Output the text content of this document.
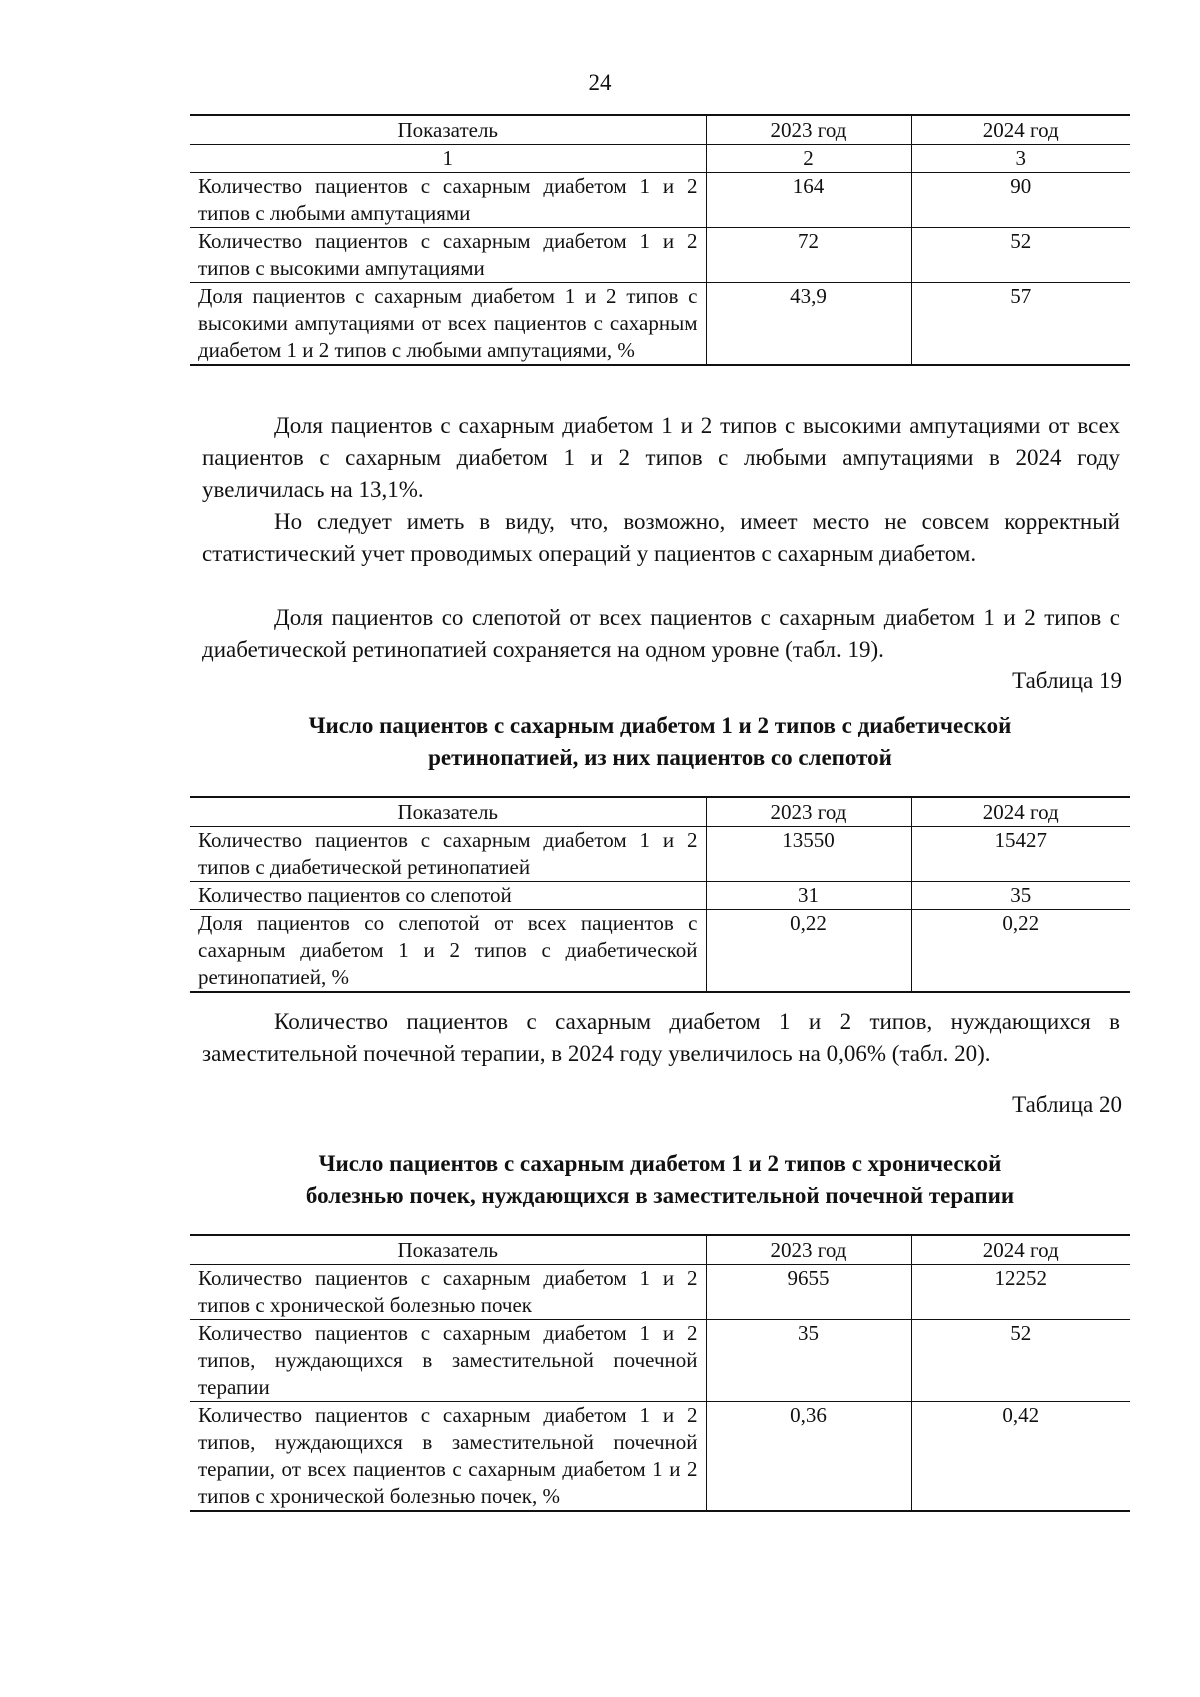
24
Показатель	2023 год	2024 год
1	2	3
Количество пациентов с сахарным диабетом 1 и 2 типов с любыми ампутациями	164	90
Количество пациентов с сахарным диабетом 1 и 2 типов с высокими ампутациями	72	52
Доля пациентов с сахарным диабетом 1 и 2 типов с высокими ампутациями от всех пациентов с сахарным диабетом 1 и 2 типов с любыми ампутациями, %	43,9	57

Доля пациентов с сахарным диабетом 1 и 2 типов с высокими ампутациями от всех пациентов с сахарным диабетом 1 и 2 типов с любыми ампутациями в 2024 году увеличилась на 13,1%.

Но следует иметь в виду, что, возможно, имеет место не совсем корректный статистический учет проводимых операций у пациентов с сахарным диабетом.

Доля пациентов со слепотой от всех пациентов с сахарным диабетом 1 и 2 типов с диабетической ретинопатией сохраняется на одном уровне (табл. 19).

Таблица 19
Число пациентов с сахарным диабетом 1 и 2 типов с диабетической
ретинопатией, из них пациентов со слепотой
Показатель	2023 год	2024 год
Количество пациентов с сахарным диабетом 1 и 2 типов с диабетической ретинопатией	13550	15427
Количество пациентов со слепотой	31	35
Доля пациентов со слепотой от всех пациентов с сахарным диабетом 1 и 2 типов с диабетической ретинопатией, %	0,22	0,22

Количество пациентов с сахарным диабетом 1 и 2 типов, нуждающихся в заместительной почечной терапии, в 2024 году увеличилось на 0,06% (табл. 20).

Таблица 20
Число пациентов с сахарным диабетом 1 и 2 типов с хронической
болезнью почек, нуждающихся в заместительной почечной терапии
Показатель	2023 год	2024 год
Количество пациентов с сахарным диабетом 1 и 2 типов с хронической болезнью почек	9655	12252
Количество пациентов с сахарным диабетом 1 и 2 типов, нуждающихся в заместительной почечной терапии	35	52
Количество пациентов с сахарным диабетом 1 и 2 типов, нуждающихся в заместительной почечной терапии, от всех пациентов с сахарным диабетом 1 и 2 типов с хронической болезнью почек, %	0,36	0,42
